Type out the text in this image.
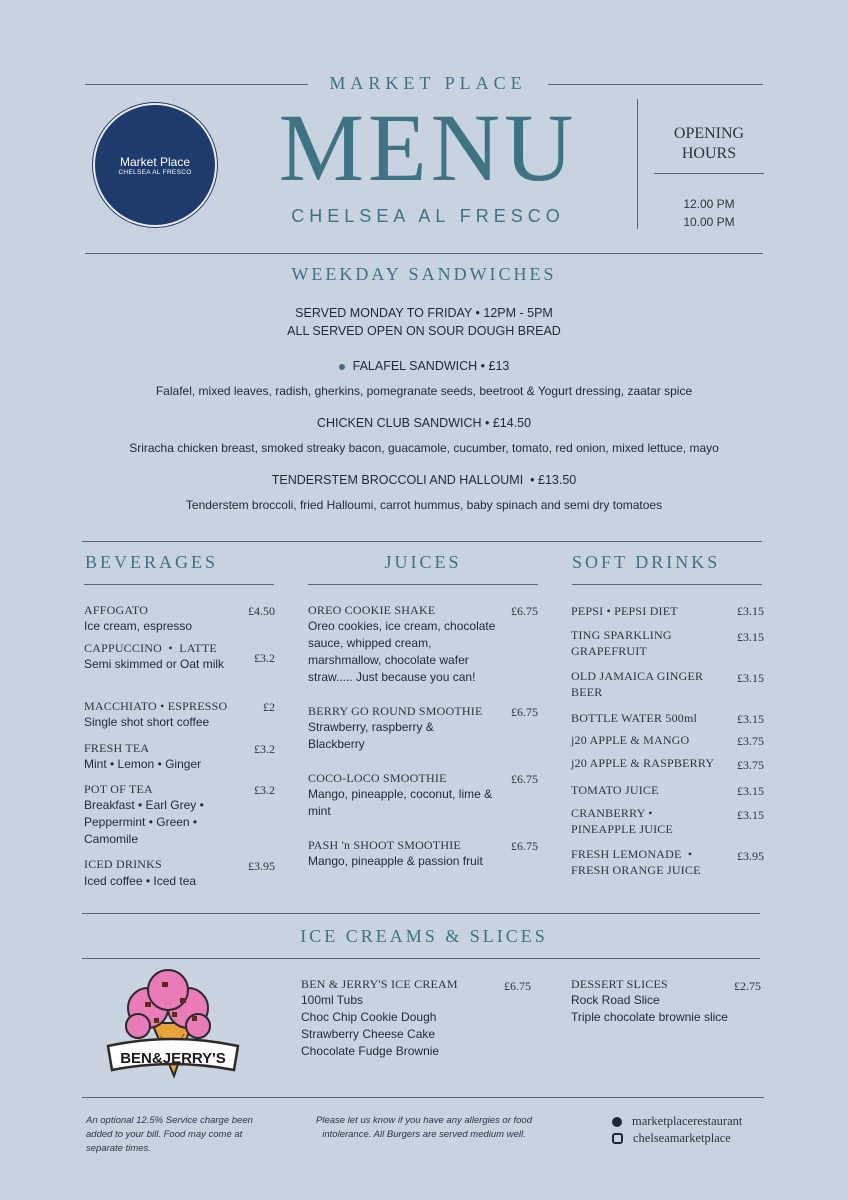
MARKET PLACE
Market Place
CHELSEA AL FRESCO MENU
CHELSEA AL FRESCO
OPENING
HOURS
12.00 PM
10.00 PM
WEEKDAY SANDWICHES
SERVED MONDAY TO FRIDAY • 12PM - 5PM
ALL SERVED OPEN ON SOUR DOUGH BREAD
FALAFEL SANDWICH • £13
Falafel, mixed leaves, radish, gherkins, pomegranate seeds, beetroot & Yogurt dressing, zaatar spice
CHICKEN CLUB SANDWICH • £14.50
Sriracha chicken breast, smoked streaky bacon, guacamole, cucumber, tomato, red onion, mixed lettuce, mayo
TENDERSTEM BROCCOLI AND HALLOUMI  • £13.50
Tenderstem broccoli, fried Halloumi, carrot hummus, baby spinach and semi dry tomatoes
BEVERAGES
AFFOGATO	£4.50
Ice cream, espresso
CAPPUCCINO  •  LATTE
£3.2
Semi skimmed or Oat milk
MACCHIATO • ESPRESSO	£2
Single shot short coffee
FRESH TEA	£3.2
Mint • Lemon • Ginger
POT OF TEA	£3.2
Breakfast • Earl Grey • Peppermint • Green • Camomile
ICED DRINKS	£3.95
Iced coffee • Iced tea
JUICES
OREO COOKIE SHAKE	£6.75
Oreo cookies, ice cream, chocolate sauce, whipped cream, marshmallow, chocolate wafer straw..... Just because you can!
BERRY GO ROUND SMOOTHIE	£6.75
Strawberry, raspberry & Blackberry
COCO-LOCO SMOOTHIE	£6.75
Mango, pineapple, coconut, lime & mint
PASH 'n SHOOT SMOOTHIE	£6.75
Mango, pineapple & passion fruit
SOFT DRINKS
PEPSI • PEPSI DIET	£3.15
TING SPARKLING GRAPEFRUIT
£3.15
OLD JAMAICA GINGER BEER
£3.15
BOTTLE WATER 500ml	£3.15
j20 APPLE & MANGO	£3.75
j20 APPLE & RASPBERRY	£3.75
TOMATO JUICE	£3.15
CRANBERRY • PINEAPPLE JUICE
£3.15
FRESH LEMONADE  •  FRESH ORANGE JUICE
£3.95
ICE CREAMS & SLICES
BEN&JERRY'S
BEN & JERRY'S ICE CREAM	£6.75
100ml Tubs
Choc Chip Cookie Dough
Strawberry Cheese Cake
Chocolate Fudge Brownie
DESSERT SLICES	£2.75
Rock Road Slice
Triple chocolate brownie slice
An optional 12.5% Service charge been added to your bill. Food may come at separate times.
Please let us know if you have any allergies or food intolerance. All Burgers are served medium well.
marketplacerestaurant
chelseamarketplace
